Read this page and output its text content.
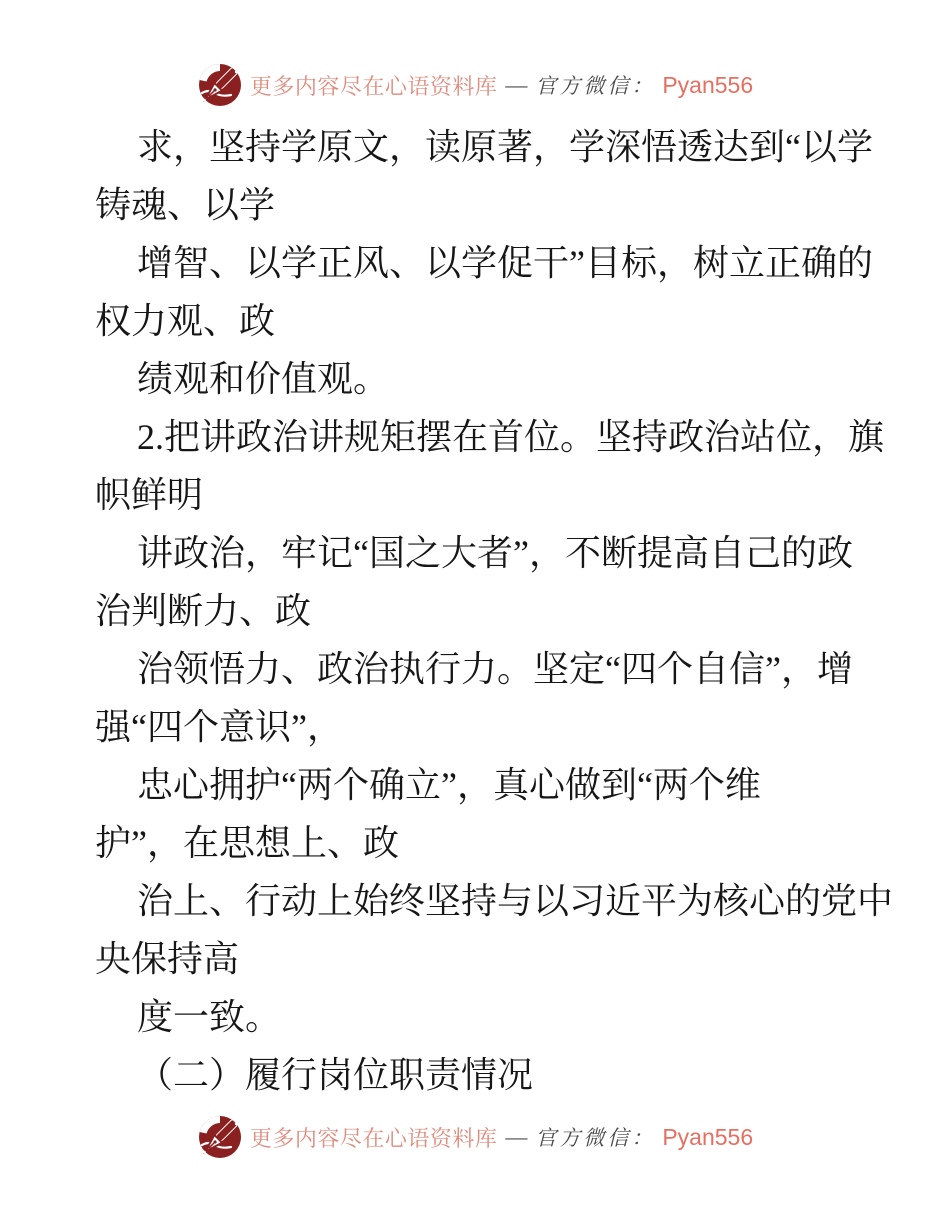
更多内容尽在心语资料库 — 官方微信： Pyan556
求，坚持学原文，读原著，学深悟透达到“以学
铸魂、以学
增智、以学正风、以学促干”目标，树立正确的
权力观、政
绩观和价值观。
2.把讲政治讲规矩摆在首位。坚持政治站位，旗
帜鲜明
讲政治，牢记“国之大者”，不断提高自己的政
治判断力、政
治领悟力、政治执行力。坚定“四个自信”，增
强“四个意识”，
忠心拥护“两个确立”，真心做到“两个维
护”，在思想上、政
治上、行动上始终坚持与以习近平为核心的党中
央保持高
度一致。
（二）履行岗位职责情况
更多内容尽在心语资料库 — 官方微信： Pyan556
